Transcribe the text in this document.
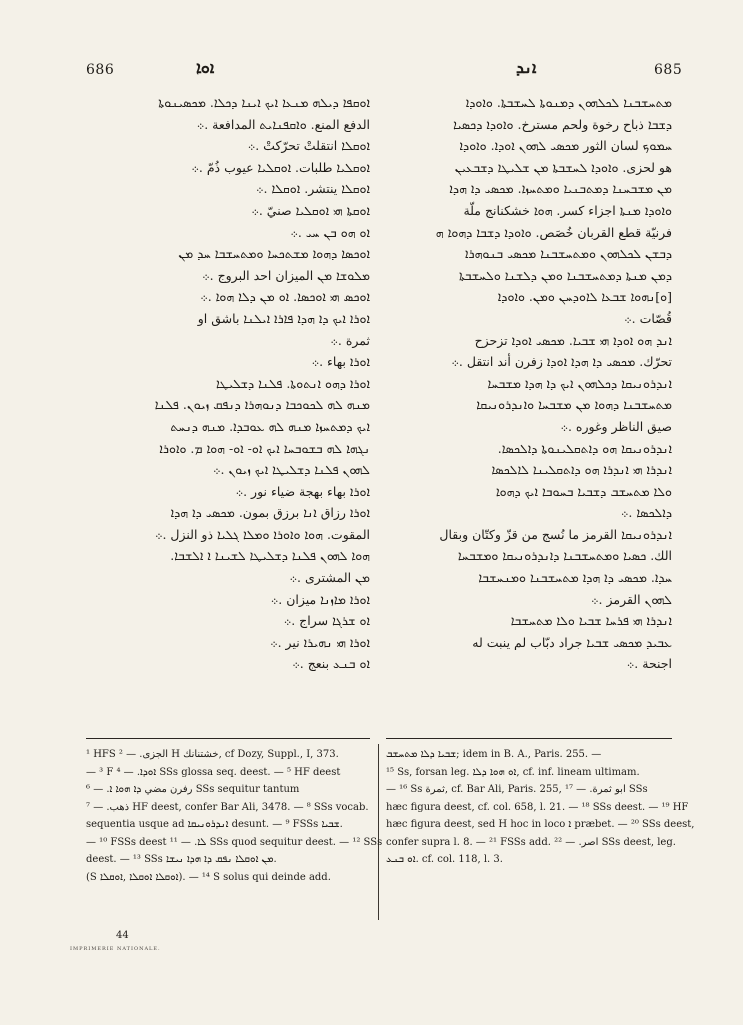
686	ܐܘܐ	ܐܢܕ	685
ܐܘܩܦܐ ܕܝܠܗ ܡܢܥܐ ܐܝܟ ܐܝܢܐ ܕܟܠܐ. ܡܟܣܝܢܘܬܐ
الدفع المنع. ܘܐܩܦܢܐܝܬ المدافعة .܀
ܐܘܩܠܐ انتقلتْ تحرّكتْ .܀
ܐܘܩܠܝܐ طلبات. ܐܘܩܠܝܐ عيوب ذُمّ .܀
ܐܘܩܠܐ ينتشر. ܐܘܩܠܐ .܀
ܐܘܩܬܐ ܗܝ ܐܘܩܠܝܐ صنيّ .܀
ܐܘ ܗܘ ܒܢ ܚܝ .܀
ܐܘܟܣܐ ܕܗܘܐ ܡܫܬܟܚܐ ܘܡܬܚܫܒܐ ܚܕ ܡܢ
ܡܠܘܫܐ ܡܢ الميزان احد البروج .܀
ܐܘܟܣ ܗܝ ܐܘܟܣܐ. ܐܘ ܡܢ ܕܠܐ ܗܘܐ .܀
ܐܘܪܐ ܐܝܟ ܕܐ ܗܕܐ ܦܐܪܐ ܐܝܠܢܐ باشق او
ثمرة .܀
ܐܘܪܐ بهاء .܀
ܐܘܪܐ ܕܗܘ ܐܢܬܘܬܐ. ܦܠܢܐ ܕܫܠܝܛܐ
ܡܢܗ ܠܗ ܠܟܘܟܒܐ ܕܢܘܗܪܐ ܕܢܦܩ ܙܝܘܢ. ܦܠܢܐ
ܐܝܟ ܕܡܬܚܙܐ ܡܢܗ ܠܗ ܥܘܒܕܐ. ܡܢܗ ܕܢܚܬ
ܢܓܗܐ ܠܗ ܒܫܘܒܚܐ ܐܝܟ ܐܘ- ܐܘ- ܗܘܐ ܡ. ܘܐܘܪܐ
ܠܗܘܢ ܦܠܢܐ ܕܫܠܝܛܐ ܐܝܟ ܙܝܘܢ .܀
ܐܘܪܐ بهاء بهجة ضياء نور .܀
ܐܘܪܐ رزاق ܐܢܐ برزق بمون. ܡܟܣܝ ܕܐ ܗܕܐ
المقوت. ܗܘܐ ܘܐܘܪܐ ܘܡܠܐ ܓܠܝܐ ذو النزل .܀
ܗܘܐ ܠܗܘܢ ܦܠܢܐ ܕܫܠܝܛܐ ܠܫܝܢܐ ܐ ܐܠܫܒܐ.
ܡܢ المشترى .܀
ܐܘܪܐ ܡܐܙܢܐ ميزان .܀
ܐܘ ܫܪܓܐ سراج .܀
ܐܘܪܐ ܗܝ ܢܗܝܪܐ نير .܀
ܐܘ ܒܢܥ بنعج .܀
ܡܬܚܫܒܢܐ ܠܟܠܗܘܢ ܕܡܢܘܬܐ ܠܚܫܒܬܐ. ܘܐܘܕܐ
ܕܫܒܐ ذباح رخوة ولحم مسترخ. ܘܐܘܕܐ ܕܟܣܝܐ
ܚܡܘܟ لسان الثور ܡܟܣܝ ܠܗܘܢ ܐܘܕܐ. ܘܐܘܕܐ
هو لحزى. ܘܐܘܕܐ ܠܚܫܒܬܐ ܡܢ ܫܠܝܛܐ ܕܫܒܥܝܢ
ܡܢ ܡܫܒܚܢܐ ܕܡܬܒܢܝܐ ܘܡܬܚܙܐ. ܡܟܣܝ ܕܐ ܗܕܐ
ܘܐܘܕܐ ܡܢܬܐ اجزاء كسر. ܗܘܐ خشكنانج ملّة
فرنيّة قطع القربان خُصَص. ܘܐܘܕܐ ܕܫܒܐ ܕܗܘܐ ܗ
ܕܒܫܢ ܠܟܠܗܘܢ ܘܡܬܚܫܒܢܐ ܡܟܣܝ ܒܢܘܗܪܐ
ܕܡܢ ܡܢܬܐ ܕܡܬܚܫܒܢܐ ܘܡܢ ܕܠܫܢܐ ܘܠܚܫܒܬܐ
[ܘ]ܢܗܘܐ ܫܒܥܐ ܠܐܘܕܚܢ ܘܡܢ. ܘܐܘܕܐ
قُصّات .܀
ܐܢܕ ܗܘ ܐܘܕܐ ܗܝ ܫܒܝܐ. ܡܟܣܝ ܐܘܕܐ تزحزح
تحرّك. ܡܟܣܝ ܕܐ ܗܕܐ ܐܘܕܐ زفرن أند انتقل .܀
ܐܢܕܪܘܢܝܩܐ ܕܟܠܗܘܢ ܐܝܟ ܕܐ ܗܕܐ ܡܫܒܚܐ
ܡܬܚܫܒܢܐ ܕܗܘܐ ܡܢ ܡܫܒܚܐ ܘܐܢܕܪܘܢܝܩܐ
صيق الناظر وغوره .܀
ܐܢܕܪܘܢܝܩܐ ܗܘ ܕܐܬܩܠܝܢܘܬܐ ܕܐܠܟܣܐ.
ܐܢܕܪܐ ܗܝ ܐܢܕܪܐ ܗܘ ܕܐܬܩܠܝܢܐ ܠܐܠܟܣܐ
ܘܠܐ ܡܬܚܫܒ ܕܫܒܝܐ ܒܚܘܒܐ ܐܝܟ ܕܗܘܐ
ܕܐܠܟܣܐ .܀
ܐܢܕܪܘܢܝܩܐ القرمز ما نُسج من قزّ وكتّان وبقال
الك. ܟܣܝܐ ܘܡܬܚܫܒܢܐ ܕܐܢܕܪܘܢܝܩܐ ܘܡܫܒܚܐ
ܚܕܐ. ܡܟܣܝ ܕܐ ܗܕܐ ܡܬܚܫܒܢܐ ܘܡܢܚܫܒܐ
ܠܗܘܢ القرمز .܀
ܐܢܕܪܐ ܗܝ ܦܪܚܐ ܫܒܝܐ ܘܠܐ ܡܬܚܫܒܐ
ܥܒܝܕ ܡܟܣܝ ܫܒܝܐ جراد دبّاب لم ينبت له
اجنحة .܀
¹ HFS الجزى. — ² H خشتنانك, cf Dozy, Suppl., I, 373.
— ³ F ܐܘܕܐ. — ⁴ SSs glossa seq. deest. — ⁵ HF deest
رفرن مضي ܕܐ ܗܘܐ ܐ. — ⁶ SSs sequitur tantum
ذهب. — ⁷ HF deest, confer Bar Ali, 3478. — ⁸ SSs vocab.
sequentia usque ad ܐܢܕܪܘܢܝܩܐ desunt. — ⁹ FSSs ܫܒܝܐ.
— ¹⁰ FSSs deest ܠܐ. — ¹¹ SSs quod sequitur deest. — ¹² SSs
deest. — ¹³ SSs ܡܢ ܐܘܩܠܐ ܢܦܩ ܕܐ ܗܕܐ ܢܝܫܐ.
(S ܐܘܩܠܐ ܐܘܩܠܐ ,ܐܘܩܠܐ). — ¹⁴ S solus qui deinde add.
ܫܒܝܐ ܕܠܐ ܡܬܚܫܒ; idem in B. A., Paris. 255. —
¹⁵ Ss, forsan leg. ܐܘ ܗܘܐ ܕܠܐ, cf. inf. lineam ultimam.
— ¹⁶ Ss ثمرة, cf. Bar Ali, Paris. 255, ابو ثمرة. — ¹⁷ SSs
hæc figura deest, cf. col. 658, l. 21. — ¹⁸ SSs deest. — ¹⁹ HF
hæc figura deest, sed H hoc in loco ܐ præbet. — ²⁰ SSs deest,
confer supra l. 8. — ²¹ FSSs add. اصر. — ²² SSs deest, leg.
ܐܘ ܒܢܥ. cf. col. 118, l. 3.
44
IMPRIMERIE NATIONALE.
